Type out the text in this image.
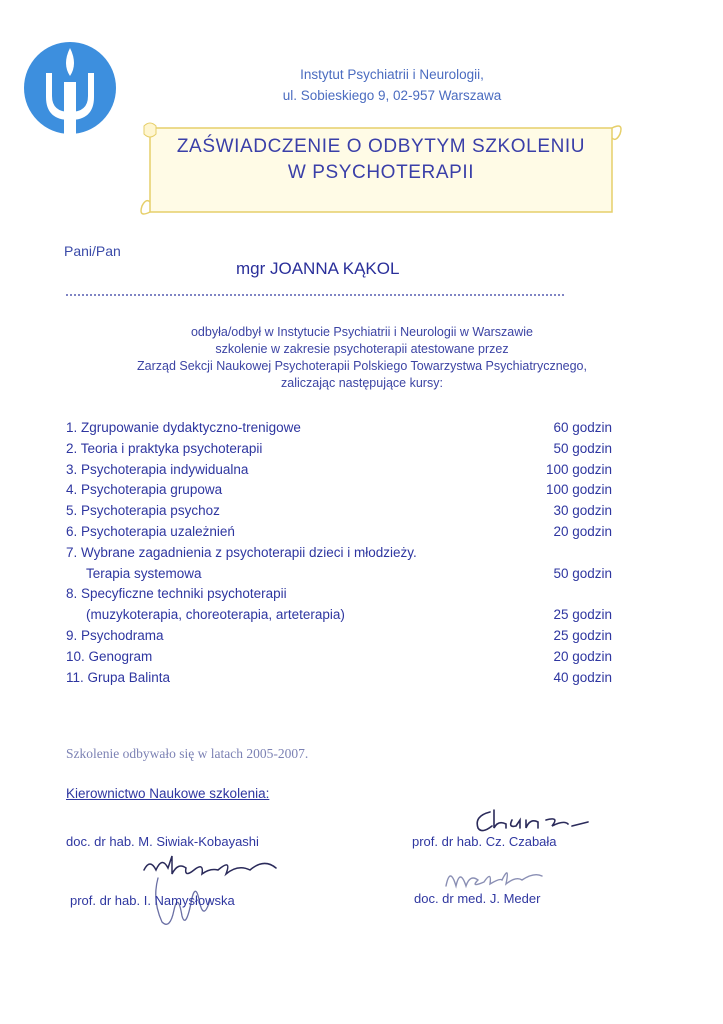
Instytut Psychiatrii i Neurologii,
ul. Sobieskiego 9, 02-957 Warszawa
ZAŚWIADCZENIE O ODBYTYM SZKOLENIU
W PSYCHOTERAPII
Pani/Pan
mgr JOANNA KĄKOL
odbyła/odbył w Instytucie Psychiatrii i Neurologii w Warszawie
szkolenie w zakresie psychoterapii atestowane przez
Zarząd Sekcji Naukowej Psychoterapii Polskiego Towarzystwa Psychiatrycznego,
zaliczając następujące kursy:
1. Zgrupowanie dydaktyczno-trenigowe	60 godzin
2. Teoria i praktyka psychoterapii	50 godzin
3. Psychoterapia indywidualna	100 godzin
4. Psychoterapia grupowa	100 godzin
5. Psychoterapia psychoz	30 godzin
6. Psychoterapia uzależnień	20 godzin
7. Wybrane zagadnienia z psychoterapii dzieci i młodzieży.
Terapia systemowa	50 godzin
8. Specyficzne techniki psychoterapii
(muzykoterapia, choreoterapia, arteterapia)	25 godzin
9. Psychodrama	25 godzin
10. Genogram	20 godzin
11. Grupa Balinta	40 godzin
Szkolenie odbywało się w latach 2005-2007.
Kierownictwo Naukowe szkolenia:
doc. dr hab. M. Siwiak-Kobayashi	prof. dr hab. Cz. Czabała
prof. dr hab. I. Namysłowska	doc. dr med. J. Meder
